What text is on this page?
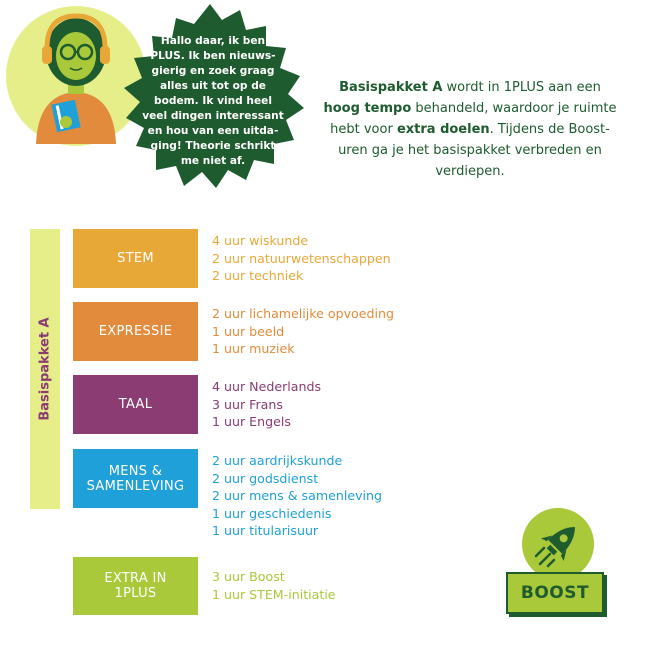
Hallo daar, ik ben
PLUS. Ik ben nieuws-
gierig en zoek graag
alles uit tot op de
bodem. Ik vind heel
veel dingen interessant
en hou van een uitda-
ging! Theorie schrikt
me niet af.
Basispakket A wordt in 1PLUS aan een hoog tempo behandeld, waardoor je ruimte hebt voor extra doelen. Tijdens de Boost-uren ga je het basispakket verbreden en verdiepen.
Basispakket A
STEM
4 uur wiskunde
2 uur natuurwetenschappen
2 uur techniek
EXPRESSIE
2 uur lichamelijke opvoeding
1 uur beeld
1 uur muziek
TAAL
4 uur Nederlands
3 uur Frans
1 uur Engels
MENS &
SAMENLEVING
2 uur aardrijkskunde
2 uur godsdienst
2 uur mens & samenleving
1 uur geschiedenis
1 uur titularisuur
EXTRA IN
1PLUS
3 uur Boost
1 uur STEM-initiatie	BOOST
